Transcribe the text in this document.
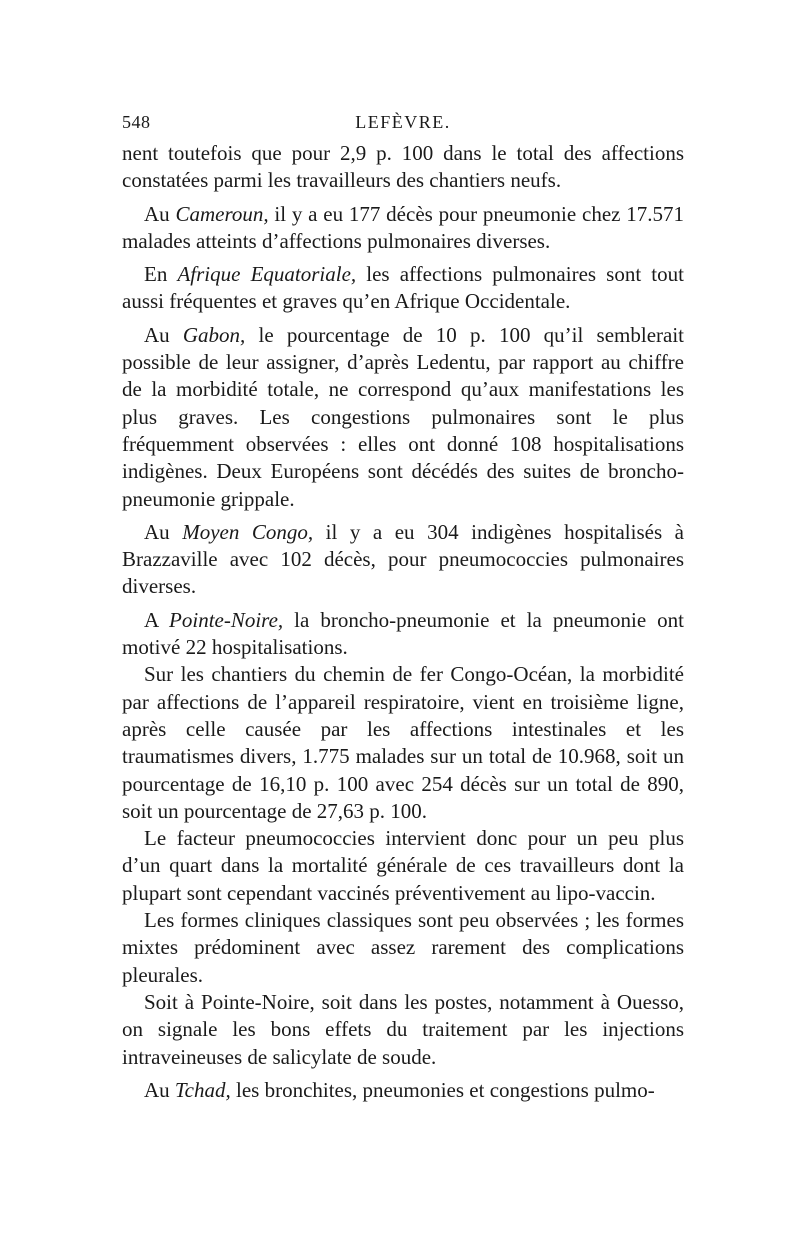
548	LEFÈVRE.

nent toutefois que pour 2,9 p. 100 dans le total des affections constatées parmi les travailleurs des chantiers neufs.

Au Cameroun, il y a eu 177 décès pour pneumonie chez 17.571 malades atteints d’affections pulmonaires diverses.

En Afrique Equatoriale, les affections pulmonaires sont tout aussi fréquentes et graves qu’en Afrique Occidentale.

Au Gabon, le pourcentage de 10 p. 100 qu’il semblerait possible de leur assigner, d’après Ledentu, par rapport au chiffre de la morbidité totale, ne correspond qu’aux manifestations les plus graves. Les congestions pulmonaires sont le plus fréquemment observées : elles ont donné 108 hospitalisations indigènes. Deux Européens sont décédés des suites de broncho-pneumonie grippale.

Au Moyen Congo, il y a eu 304 indigènes hospitalisés à Brazzaville avec 102 décès, pour pneumococcies pulmonaires diverses.

A Pointe-Noire, la broncho-pneumonie et la pneumonie ont motivé 22 hospitalisations.

Sur les chantiers du chemin de fer Congo-Océan, la morbidité par affections de l’appareil respiratoire, vient en troisième ligne, après celle causée par les affections intestinales et les traumatismes divers, 1.775 malades sur un total de 10.968, soit un pourcentage de 16,10 p. 100 avec 254 décès sur un total de 890, soit un pourcentage de 27,63 p. 100.

Le facteur pneumococcies intervient donc pour un peu plus d’un quart dans la mortalité générale de ces travailleurs dont la plupart sont cependant vaccinés préventivement au lipo-vaccin.

Les formes cliniques classiques sont peu observées ; les formes mixtes prédominent avec assez rarement des complications pleurales.

Soit à Pointe-Noire, soit dans les postes, notamment à Ouesso, on signale les bons effets du traitement par les injections intraveineuses de salicylate de soude.

Au Tchad, les bronchites, pneumonies et congestions pulmo-
